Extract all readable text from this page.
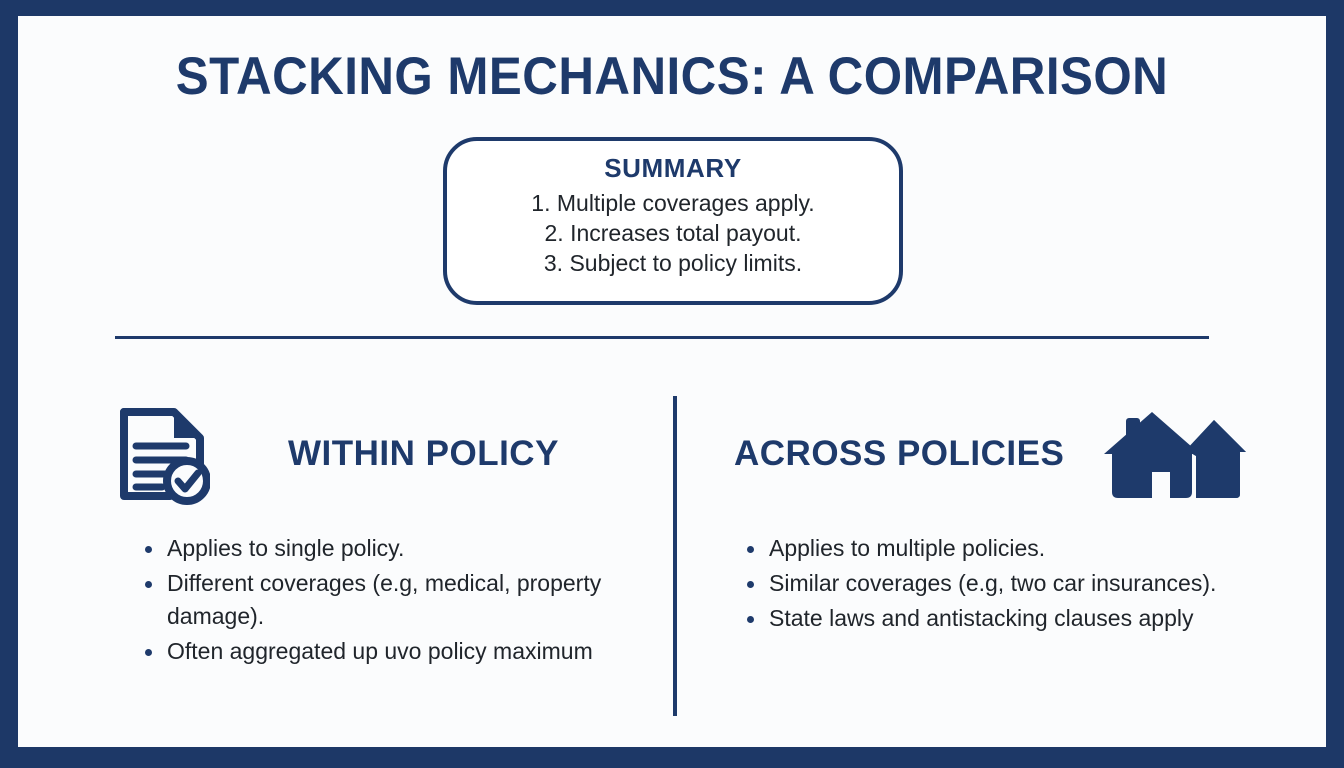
STACKING MECHANICS: A COMPARISON
SUMMARY
1. Multiple coverages apply.
2. Increases total payout.
3. Subject to policy limits.
WITHIN POLICY
Applies to single policy.
Different coverages (e.g, medical, property damage).
Often aggregated up uvo policy maximum
ACROSS POLICIES
Applies to multiple policies.
Similar coverages (e.g, two car insurances).
State laws and antistacking clauses apply
